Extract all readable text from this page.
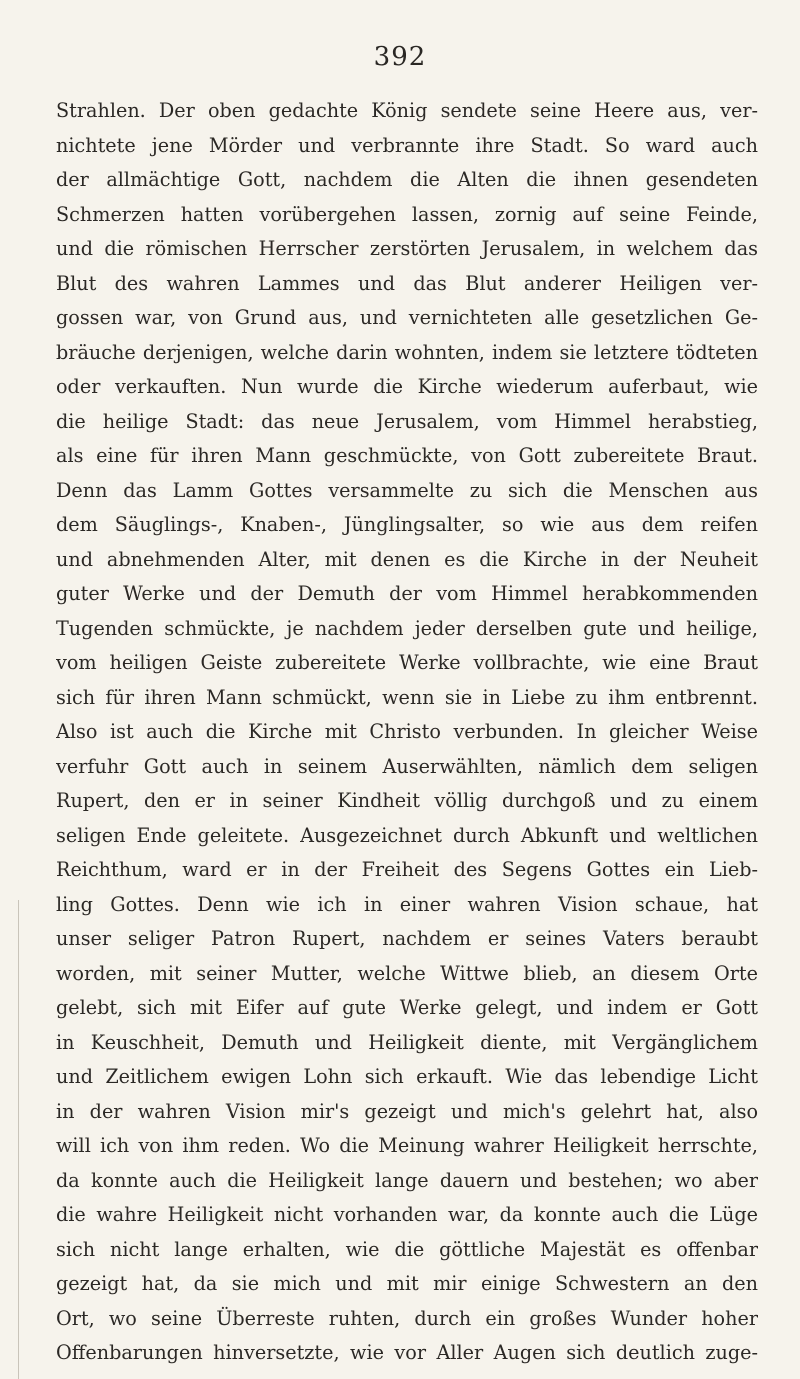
392
Strahlen. Der oben gedachte König sendete seine Heere aus, ver-
nichtete jene Mörder und verbrannte ihre Stadt. So ward auch
der allmächtige Gott, nachdem die Alten die ihnen gesendeten
Schmerzen hatten vorübergehen lassen, zornig auf seine Feinde,
und die römischen Herrscher zerstörten Jerusalem, in welchem das
Blut des wahren Lammes und das Blut anderer Heiligen ver-
gossen war, von Grund aus, und vernichteten alle gesetzlichen Ge-
bräuche derjenigen, welche darin wohnten, indem sie letztere tödteten
oder verkauften. Nun wurde die Kirche wiederum auferbaut, wie
die heilige Stadt: das neue Jerusalem, vom Himmel herabstieg,
als eine für ihren Mann geschmückte, von Gott zubereitete Braut.
Denn das Lamm Gottes versammelte zu sich die Menschen aus
dem Säuglings-, Knaben-, Jünglingsalter, so wie aus dem reifen
und abnehmenden Alter, mit denen es die Kirche in der Neuheit
guter Werke und der Demuth der vom Himmel herabkommenden
Tugenden schmückte, je nachdem jeder derselben gute und heilige,
vom heiligen Geiste zubereitete Werke vollbrachte, wie eine Braut
sich für ihren Mann schmückt, wenn sie in Liebe zu ihm entbrennt.
Also ist auch die Kirche mit Christo verbunden. In gleicher Weise
verfuhr Gott auch in seinem Auserwählten, nämlich dem seligen
Rupert, den er in seiner Kindheit völlig durchgoß und zu einem
seligen Ende geleitete. Ausgezeichnet durch Abkunft und weltlichen
Reichthum, ward er in der Freiheit des Segens Gottes ein Lieb-
ling Gottes. Denn wie ich in einer wahren Vision schaue, hat
unser seliger Patron Rupert, nachdem er seines Vaters beraubt
worden, mit seiner Mutter, welche Wittwe blieb, an diesem Orte
gelebt, sich mit Eifer auf gute Werke gelegt, und indem er Gott
in Keuschheit, Demuth und Heiligkeit diente, mit Vergänglichem
und Zeitlichem ewigen Lohn sich erkauft. Wie das lebendige Licht
in der wahren Vision mir's gezeigt und mich's gelehrt hat, also
will ich von ihm reden. Wo die Meinung wahrer Heiligkeit herrschte,
da konnte auch die Heiligkeit lange dauern und bestehen; wo aber
die wahre Heiligkeit nicht vorhanden war, da konnte auch die Lüge
sich nicht lange erhalten, wie die göttliche Majestät es offenbar
gezeigt hat, da sie mich und mit mir einige Schwestern an den
Ort, wo seine Überreste ruhten, durch ein großes Wunder hoher
Offenbarungen hinversetzte, wie vor Aller Augen sich deutlich zuge-
